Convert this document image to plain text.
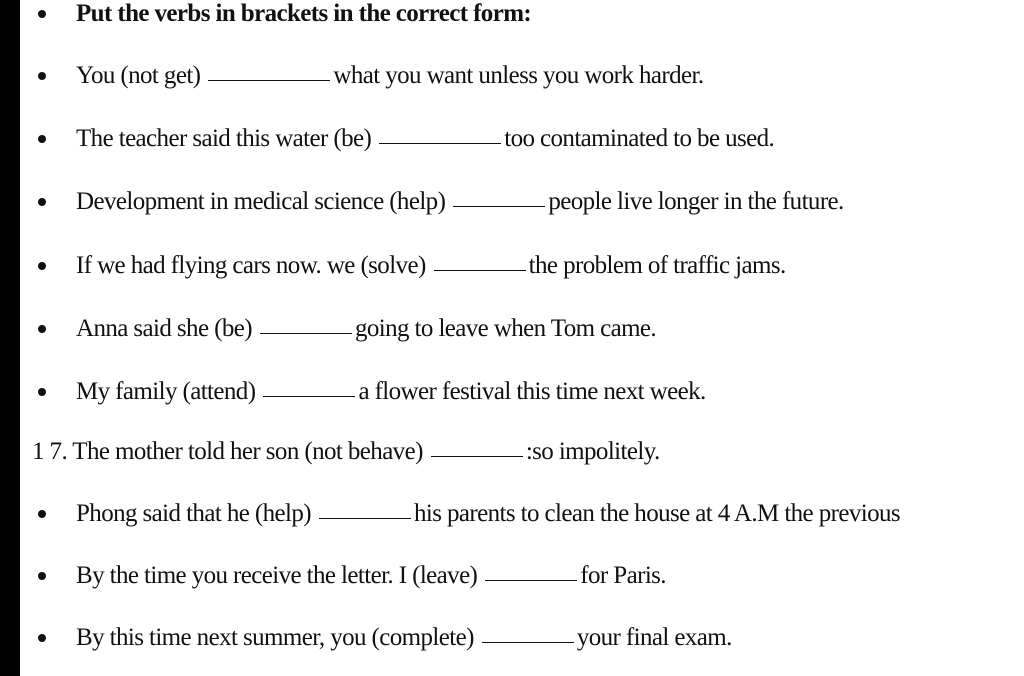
Put the verbs in brackets in the correct form:
You (not get)	what you want unless you work harder.
The teacher said this water (be)	too contaminated to be used.
Development in medical science (help)	people live longer in the future.
If we had flying cars now. we (solve)	the problem of traffic jams.
Anna said she (be)	going to leave when Tom came.
My family (attend)	a flower festival this time next week.
1 7. The mother told her son (not behave)	:so impolitely.
Phong said that he (help)	his parents to clean the house at 4 A.M the previous
By the time you receive the letter. I (leave)	for Paris.
By this time next summer, you (complete)	your final exam.
